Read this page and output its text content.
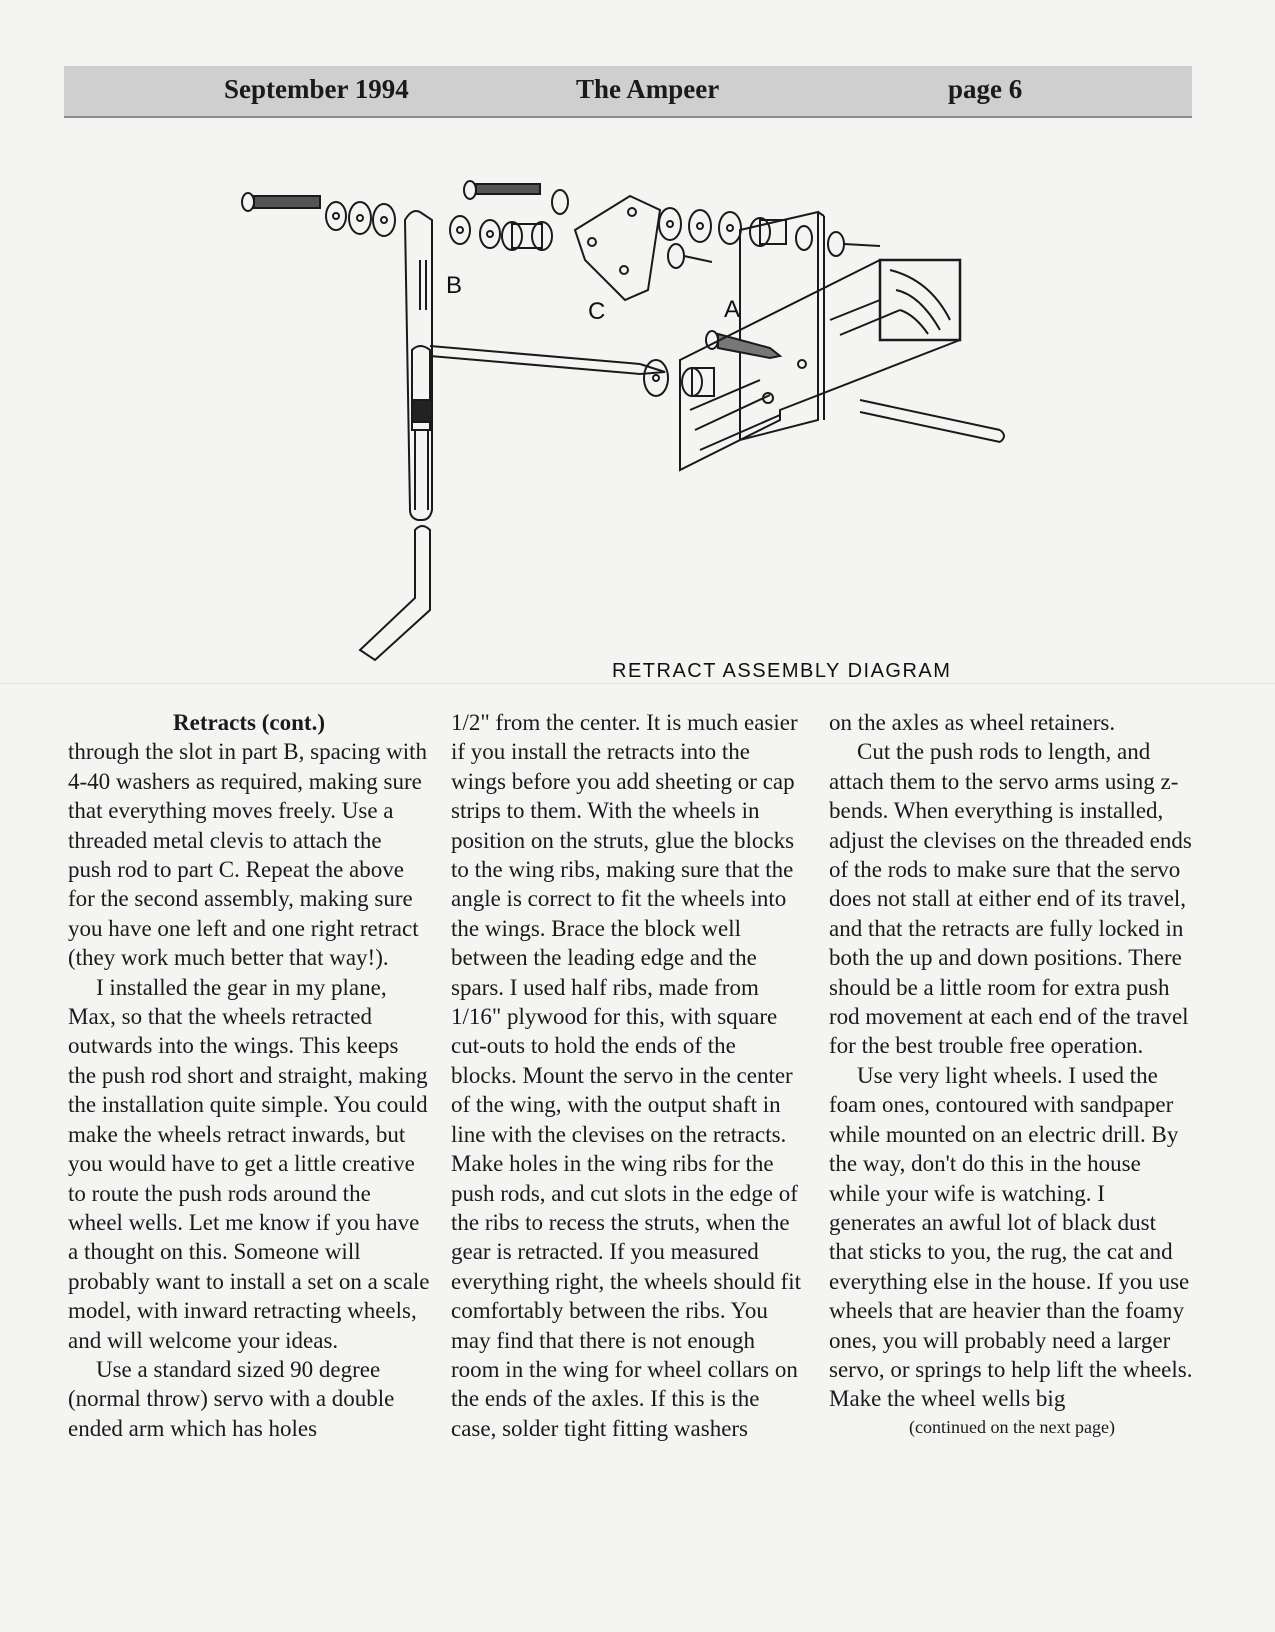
September 1994	The Ampeer	page 6
B
C	A
RETRACT ASSEMBLY DIAGRAM

Retracts (cont.)

through the slot in part B, spacing with 4-40 washers as required, making sure that everything moves freely. Use a threaded metal clevis to attach the push rod to part C. Repeat the above for the second assembly, making sure you have one left and one right retract (they work much better that way!).

I installed the gear in my plane, Max, so that the wheels retracted outwards into the wings. This keeps the push rod short and straight, making the installation quite simple. You could make the wheels retract inwards, but you would have to get a little creative to route the push rods around the wheel wells. Let me know if you have a thought on this. Someone will probably want to install a set on a scale model, with inward retracting wheels, and will welcome your ideas.

Use a standard sized 90 degree (normal throw) servo with a double ended arm which has holes

1/2" from the center. It is much easier if you install the retracts into the wings before you add sheeting or cap strips to them. With the wheels in position on the struts, glue the blocks to the wing ribs, making sure that the angle is correct to fit the wheels into the wings. Brace the block well between the leading edge and the spars. I used half ribs, made from 1/16" plywood for this, with square cut-outs to hold the ends of the blocks. Mount the servo in the center of the wing, with the output shaft in line with the clevises on the retracts. Make holes in the wing ribs for the push rods, and cut slots in the edge of the ribs to recess the struts, when the gear is retracted. If you measured everything right, the wheels should fit comfortably between the ribs. You may find that there is not enough room in the wing for wheel collars on the ends of the axles. If this is the case, solder tight fitting washers

on the axles as wheel retainers.

Cut the push rods to length, and attach them to the servo arms using z-bends. When everything is installed, adjust the clevises on the threaded ends of the rods to make sure that the servo does not stall at either end of its travel, and that the retracts are fully locked in both the up and down positions. There should be a little room for extra push rod movement at each end of the travel for the best trouble free operation.

Use very light wheels. I used the foam ones, contoured with sandpaper while mounted on an electric drill. By the way, don't do this in the house while your wife is watching. I generates an awful lot of black dust that sticks to you, the rug, the cat and everything else in the house. If you use wheels that are heavier than the foamy ones, you will probably need a larger servo, or springs to help lift the wheels. Make the wheel wells big

(continued on the next page)
